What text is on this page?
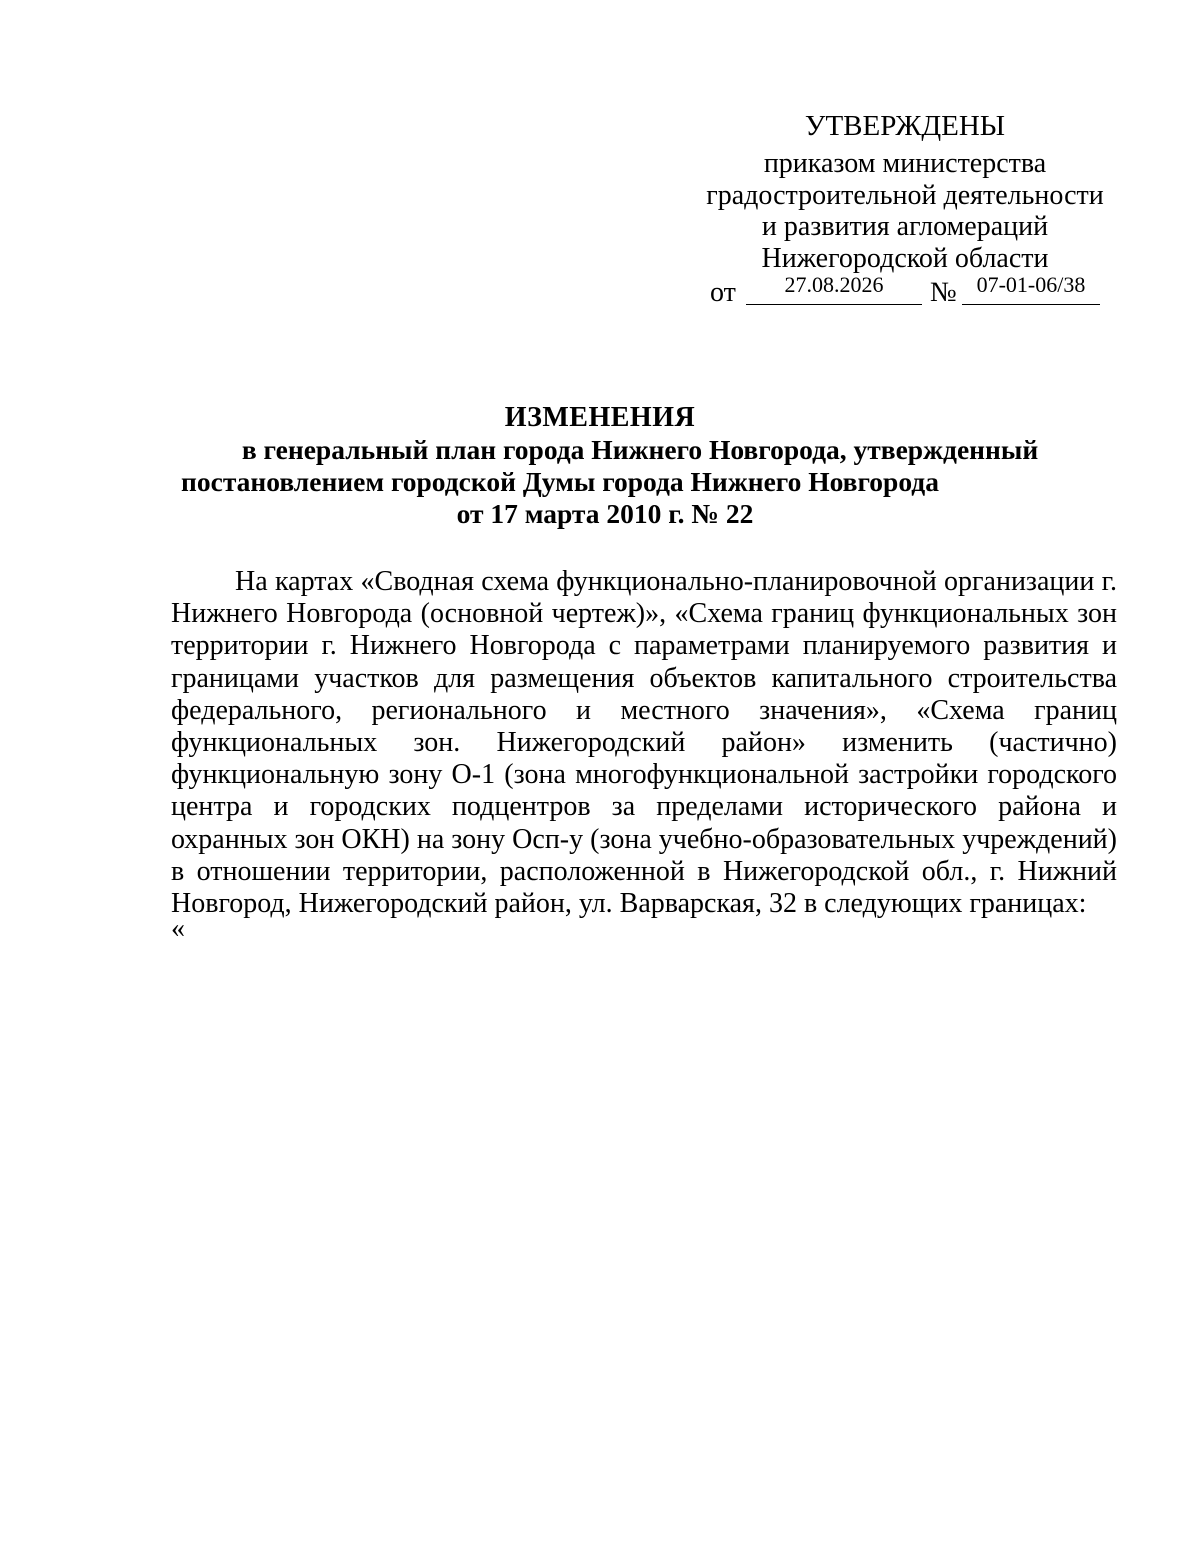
УТВЕРЖДЕНЫ
приказом министерства
градостроительной деятельности
и развития агломераций
Нижегородской области
от	27.08.2026	№ 07-01-06/38
ИЗМЕНЕНИЯ
в генеральный план города Нижнего Новгорода, утвержденный
постановлением городской Думы города Нижнего Новгорода
от 17 марта 2010 г. № 22

На картах «Сводная схема функционально-планировочной организации г. Нижнего Новгорода (основной чертеж)», «Схема границ функциональных зон территории г. Нижнего Новгорода с параметрами планируемого развития и границами участков для размещения объектов капитального строительства федерального, регионального и местного значения», «Схема границ функциональных зон. Нижегородский район» изменить (частично) функциональную зону О-1 (зона многофункциональной застройки городского центра и городских подцентров за пределами исторического района и охранных зон ОКН) на зону Осп-у (зона учебно-образовательных учреждений) в отношении территории, расположенной в Нижегородской обл., г. Нижний Новгород, Нижегородский район, ул. Варварская, 32 в следующих границах:

«
